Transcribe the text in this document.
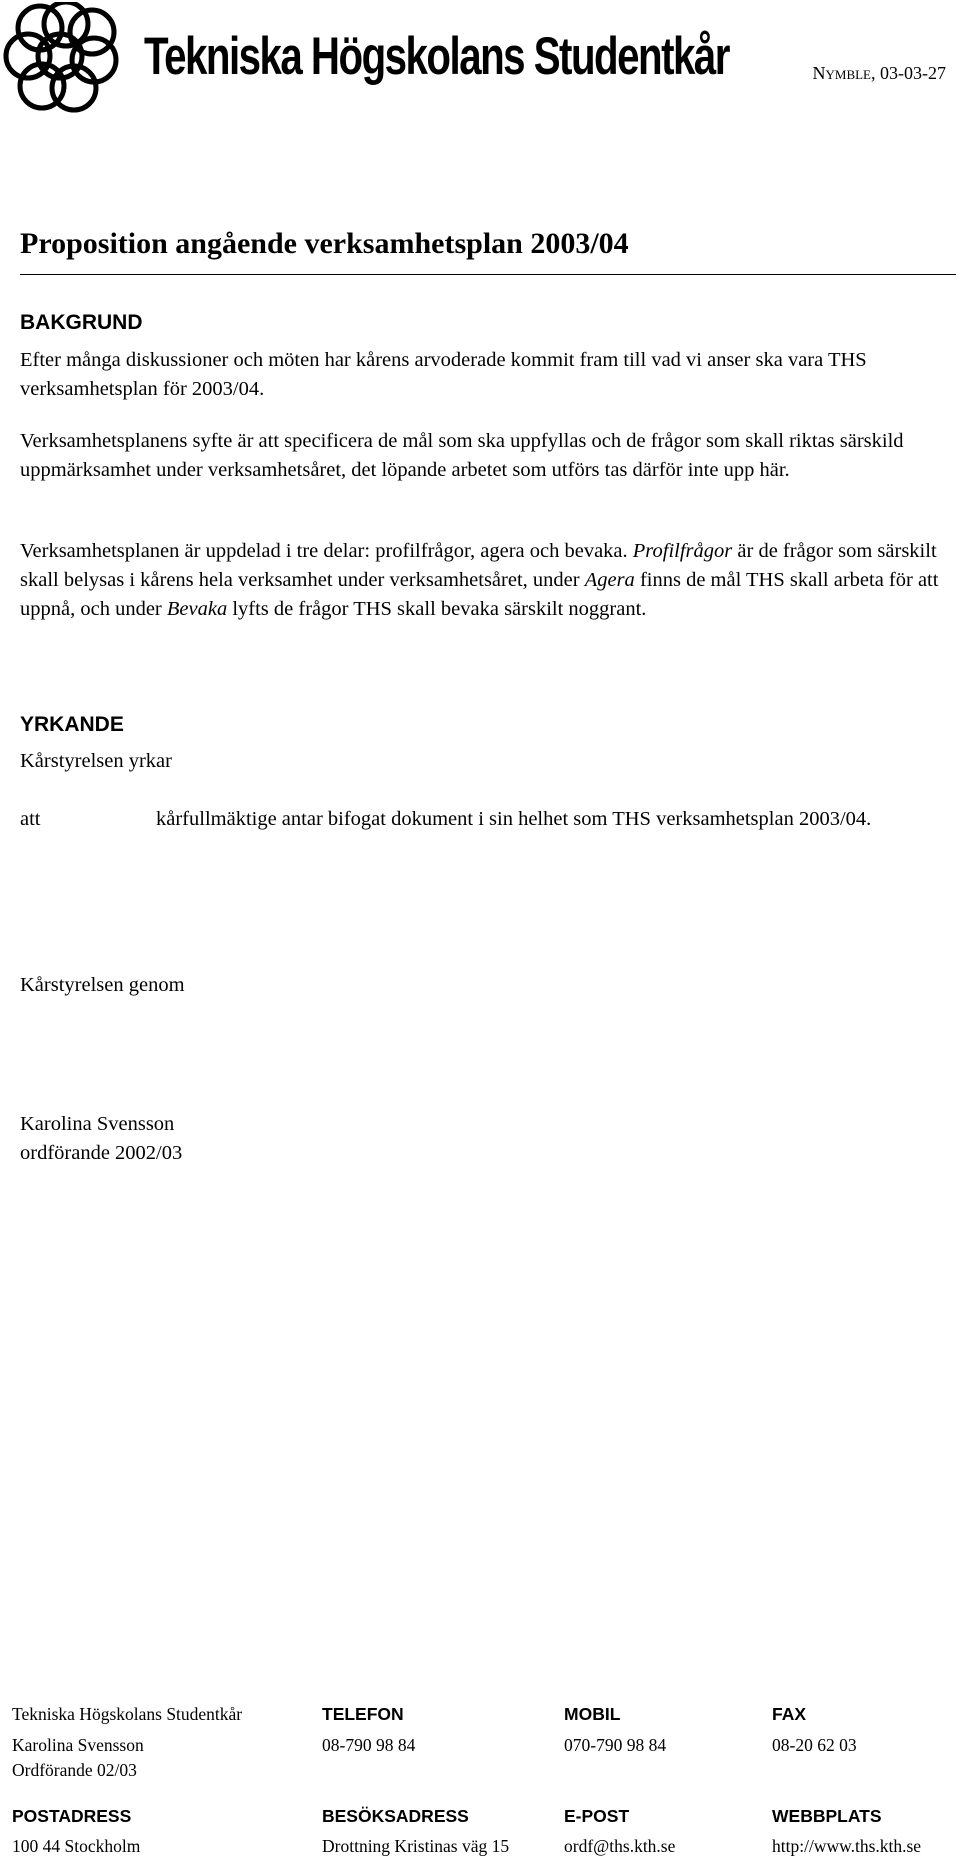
Tekniska Högskolans Studentkår	Nymble, 03-03-27
Proposition angående verksamhetsplan 2003/04
BAKGRUND

Efter många diskussioner och möten har kårens arvoderade kommit fram till vad vi anser ska vara THS verksamhetsplan för 2003/04.

Verksamhetsplanens syfte är att specificera de mål som ska uppfyllas och de frågor som skall riktas särskild uppmärksamhet under verksamhetsåret, det löpande arbetet som utförs tas därför inte upp här.

Verksamhetsplanen är uppdelad i tre delar: profilfrågor, agera och bevaka. Profilfrågor är de frågor som särskilt skall belysas i kårens hela verksamhet under verksamhetsåret, under Agera finns de mål THS skall arbeta för att uppnå, och under Bevaka lyfts de frågor THS skall bevaka särskilt noggrant.

YRKANDE

Kårstyrelsen yrkar

att	kårfullmäktige antar bifogat dokument i sin helhet som THS verksamhetsplan 2003/04.

Kårstyrelsen genom

Karolina Svensson

ordförande 2002/03

Tekniska Högskolans Studentkår	TELEFON	MOBIL	FAX
Karolina Svensson	08-790 98 84	070-790 98 84	08-20 62 03
Ordförande 02/03
POSTADRESS	BESÖKSADRESS	E-POST	WEBBPLATS
100 44 Stockholm	Drottning Kristinas väg 15	ordf@ths.kth.se	http://www.ths.kth.se
